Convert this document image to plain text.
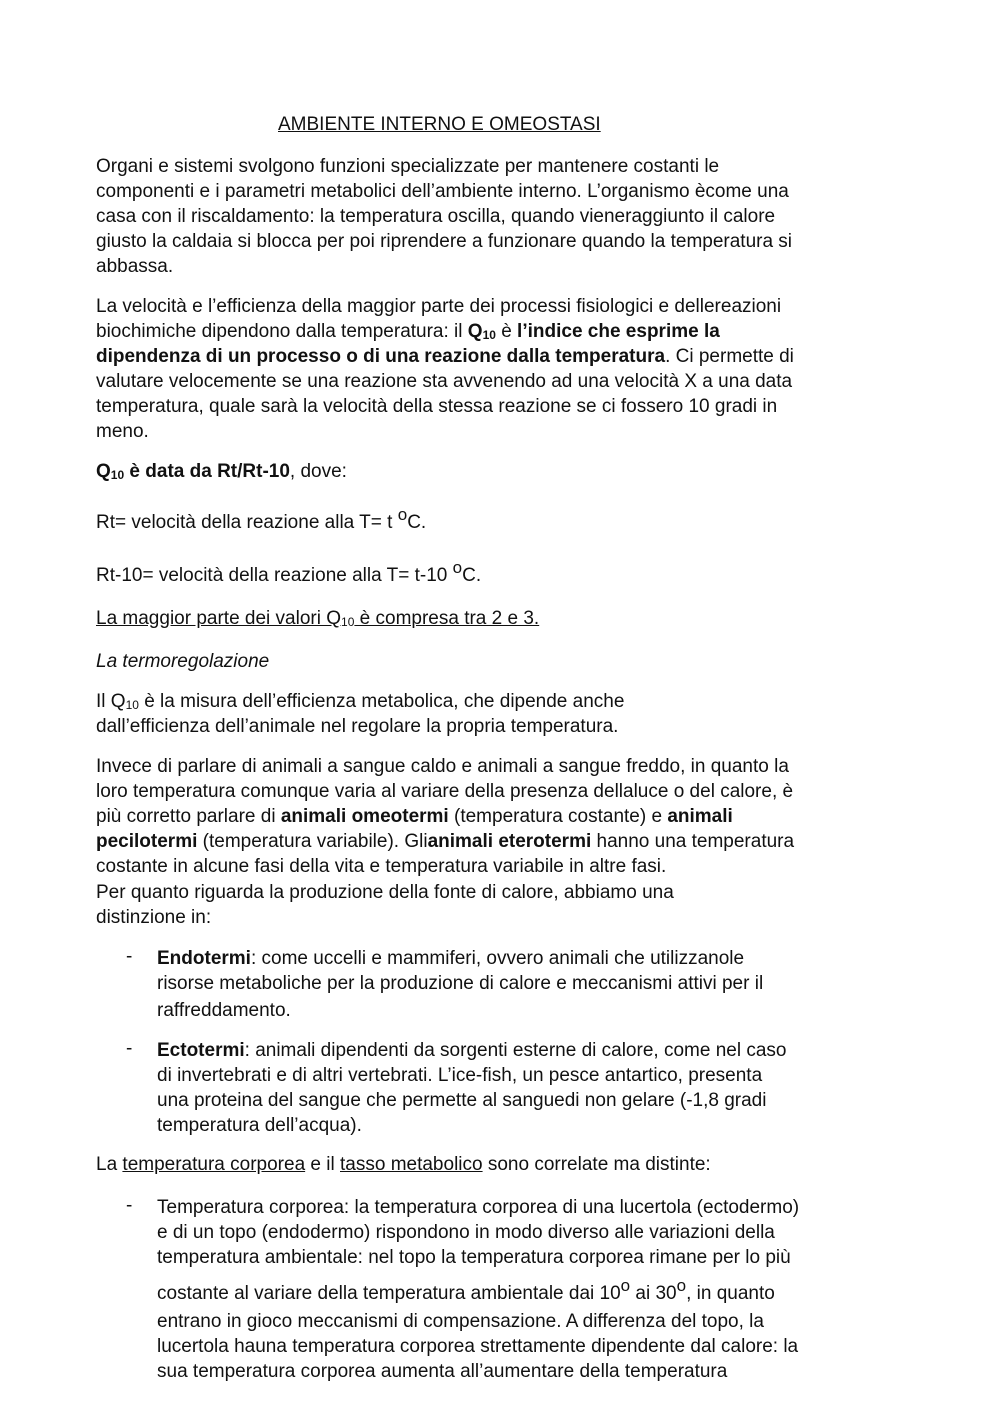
AMBIENTE INTERNO E OMEOSTASI
Organi e sistemi svolgono funzioni specializzate per mantenere costanti le
componenti e i parametri metabolici dell’ambiente interno. L’organismo ècome una
casa con il riscaldamento: la temperatura oscilla, quando vieneraggiunto il calore
giusto la caldaia si blocca per poi riprendere a funzionare quando la temperatura si
abbassa.
La velocità e l’efficienza della maggior parte dei processi fisiologici e dellereazioni
biochimiche dipendono dalla temperatura: il $Q_{10}$ è l’indice che esprime la
dipendenza di un processo o di una reazione dalla temperatura. Ci permette di
valutare velocemente se una reazione sta avvenendo ad una velocità X a una data
temperatura, quale sarà la velocità della stessa reazione se ci fossero 10 gradi in
meno.
$Q_{10}$ è data da Rt/Rt-10, dove:
Rt= velocità della reazione alla T= t $^o$C.
Rt-10= velocità della reazione alla T= t-10 $^o$C.
La maggior parte dei valori $Q_{10}$ è compresa tra 2 e 3.
La termoregolazione
Il $Q_{10}$ è la misura dell’efficienza metabolica, che dipende anche
dall’efficienza dell’animale nel regolare la propria temperatura.
Invece di parlare di animali a sangue caldo e animali a sangue freddo, in quanto la
loro temperatura comunque varia al variare della presenza dellaluce o del calore, è
più corretto parlare di animali omeotermi (temperatura costante) e animali
pecilotermi (temperatura variabile). Glianimali eterotermi hanno una temperatura
costante in alcune fasi della vita e temperatura variabile in altre fasi.
Per quanto riguarda la produzione della fonte di calore, abbiamo una
distinzione in:
- Endotermi: come uccelli e mammiferi, ovvero animali che utilizzanole
risorse metaboliche per la produzione di calore e meccanismi attivi per il
raffreddamento.
- Ectotermi: animali dipendenti da sorgenti esterne di calore, come nel caso
di invertebrati e di altri vertebrati. L’ice-fish, un pesce antartico, presenta
una proteina del sangue che permette al sanguedi non gelare (-1,8 gradi
temperatura dell’acqua).
La temperatura corporea e il tasso metabolico sono correlate ma distinte:
- Temperatura corporea: la temperatura corporea di una lucertola (ectodermo)
e di un topo (endodermo) rispondono in modo diverso alle variazioni della
temperatura ambientale: nel topo la temperatura corporea rimane per lo più
costante al variare della temperatura ambientale dai 10$^o$ ai 30$^o$, in quanto
entrano in gioco meccanismi di compensazione. A differenza del topo, la
lucertola hauna temperatura corporea strettamente dipendente dal calore: la
sua temperatura corporea aumenta all’aumentare della temperatura
